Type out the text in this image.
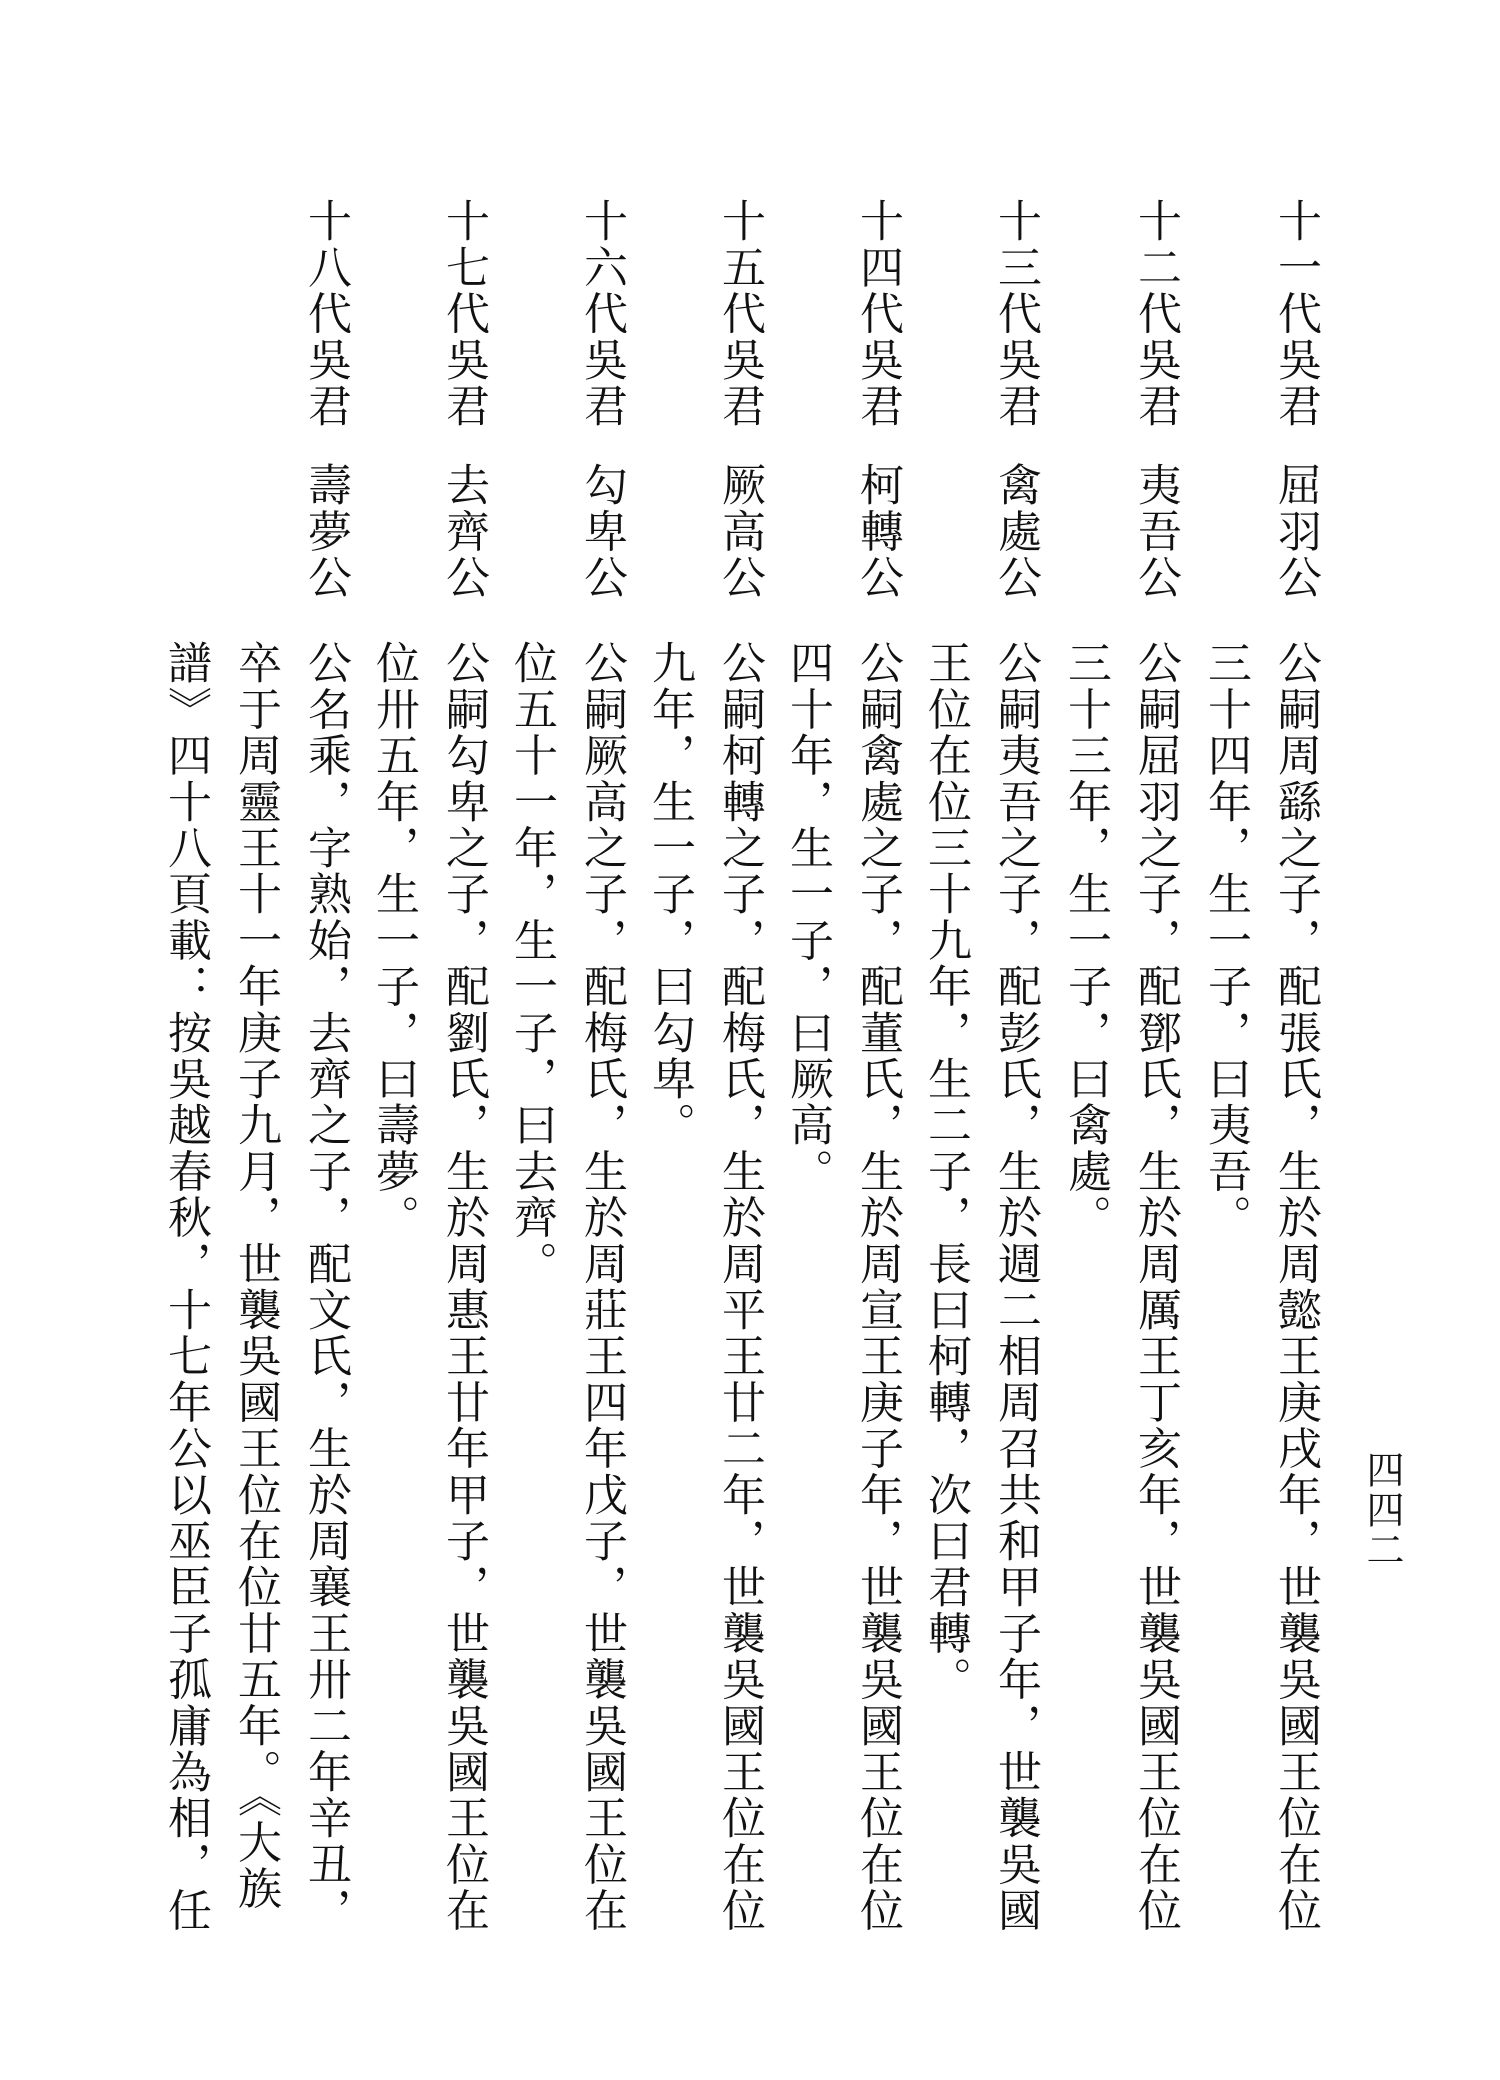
四四二
十一代吳君
屈羽公
公嗣周繇之子，配張氏，生於周懿王庚戌年，世襲吳國王位在位
三十四年，生一子，曰夷吾。
十二代吳君
夷吾公
公嗣屈羽之子，配鄧氏，生於周厲王丁亥年，世襲吳國王位在位
三十三年，生一子，曰禽處。
十三代吳君
禽處公
公嗣夷吾之子，配彭氏，生於週二相周召共和甲子年，世襲吳國
王位在位三十九年，生二子，長曰柯轉，次曰君轉。
十四代吳君
柯轉公
公嗣禽處之子，配董氏，生於周宣王庚子年，世襲吳國王位在位
四十年，生一子，曰厥高。
十五代吳君
厥高公
公嗣柯轉之子，配梅氏，生於周平王廿二年，世襲吳國王位在位
九年，生一子，曰勾卑。
十六代吳君
勾卑公
公嗣厥高之子，配梅氏，生於周莊王四年戊子，世襲吳國王位在
位五十一年，生一子，曰去齊。
十七代吳君
去齊公
公嗣勾卑之子，配劉氏，生於周惠王廿年甲子，世襲吳國王位在
位卅五年，生一子，曰壽夢。
十八代吳君
壽夢公
公名乘，字熟始，去齊之子，配文氏，生於周襄王卅二年辛丑，
卒于周靈王十一年庚子九月，世襲吳國王位在位廿五年。《大族
譜》四十八頁載：按吳越春秋，十七年公以巫臣子孤庸為相，任
